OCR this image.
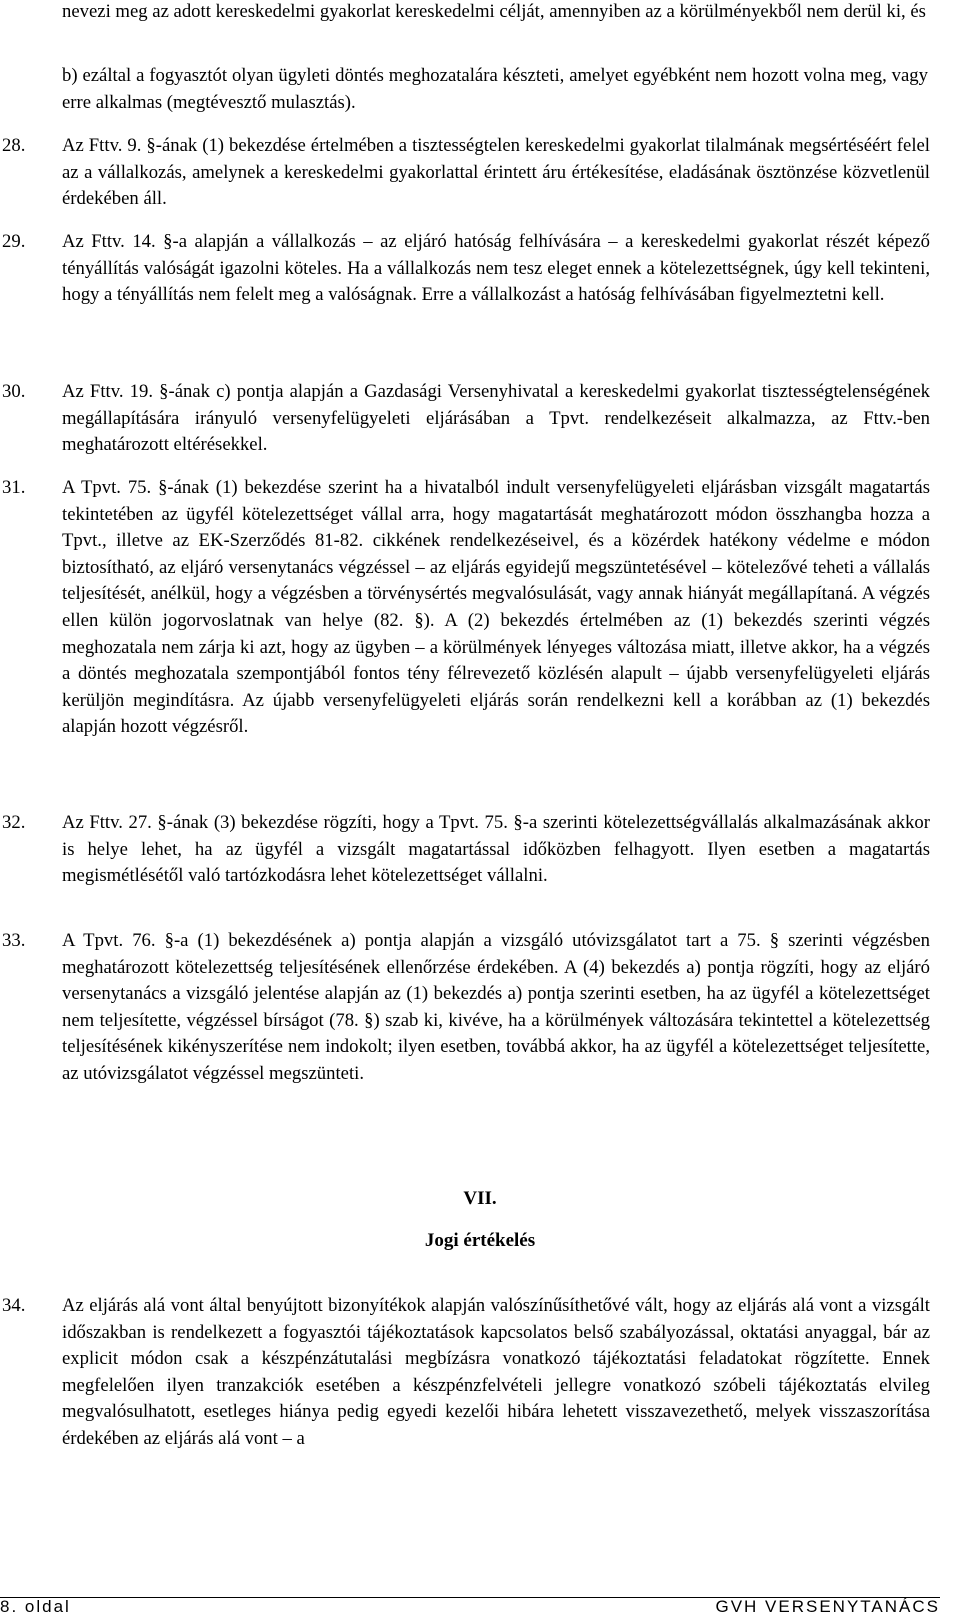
nevezi meg az adott kereskedelmi gyakorlat kereskedelmi célját, amennyiben az a körülményekből nem derül ki, és

b) ezáltal a fogyasztót olyan ügyleti döntés meghozatalára készteti, amelyet egyébként nem hozott volna meg, vagy erre alkalmas (megtévesztő mulasztás).

28.	Az Fttv. 9. §-ának (1) bekezdése értelmében a tisztességtelen kereskedelmi gyakorlat tilalmának megsértéséért felel az a vállalkozás, amelynek a kereskedelmi gyakorlattal érintett áru értékesítése, eladásának ösztönzése közvetlenül érdekében áll.
29.	Az Fttv. 14. §-a alapján a vállalkozás – az eljáró hatóság felhívására – a kereskedelmi gyakorlat részét képező tényállítás valóságát igazolni köteles. Ha a vállalkozás nem tesz eleget ennek a kötelezettségnek, úgy kell tekinteni, hogy a tényállítás nem felelt meg a valóságnak. Erre a vállalkozást a hatóság felhívásában figyelmeztetni kell.
30.	Az Fttv. 19. §-ának c) pontja alapján a Gazdasági Versenyhivatal a kereskedelmi gyakorlat tisztességtelenségének megállapítására irányuló versenyfelügyeleti eljárásában a Tpvt. rendelkezéseit alkalmazza, az Fttv.-ben meghatározott eltérésekkel.
31.	A Tpvt. 75. §-ának (1) bekezdése szerint ha a hivatalból indult versenyfelügyeleti eljárásban vizsgált magatartás tekintetében az ügyfél kötelezettséget vállal arra, hogy magatartását meghatározott módon összhangba hozza a Tpvt., illetve az EK-Szerződés 81-82. cikkének rendelkezéseivel, és a közérdek hatékony védelme e módon biztosítható, az eljáró versenytanács végzéssel – az eljárás egyidejű megszüntetésével – kötelezővé teheti a vállalás teljesítését, anélkül, hogy a végzésben a törvénysértés megvalósulását, vagy annak hiányát megállapítaná. A végzés ellen külön jogorvoslatnak van helye (82. §). A (2) bekezdés értelmében az (1) bekezdés szerinti végzés meghozatala nem zárja ki azt, hogy az ügyben – a körülmények lényeges változása miatt, illetve akkor, ha a végzés a döntés meghozatala szempontjából fontos tény félrevezető közlésén alapult – újabb versenyfelügyeleti eljárás kerüljön megindításra. Az újabb versenyfelügyeleti eljárás során rendelkezni kell a korábban az (1) bekezdés alapján hozott végzésről.
32.	Az Fttv. 27. §-ának (3) bekezdése rögzíti, hogy a Tpvt. 75. §-a szerinti kötelezettségvállalás alkalmazásának akkor is helye lehet, ha az ügyfél a vizsgált magatartással időközben felhagyott. Ilyen esetben a magatartás megismétlésétől való tartózkodásra lehet kötelezettséget vállalni.
33.	A Tpvt. 76. §-a (1) bekezdésének a) pontja alapján a vizsgáló utóvizsgálatot tart a 75. § szerinti végzésben meghatározott kötelezettség teljesítésének ellenőrzése érdekében. A (4) bekezdés a) pontja rögzíti, hogy az eljáró versenytanács a vizsgáló jelentése alapján az (1) bekezdés a) pontja szerinti esetben, ha az ügyfél a kötelezettséget nem teljesítette, végzéssel bírságot (78. §) szab ki, kivéve, ha a körülmények változására tekintettel a kötelezettség teljesítésének kikényszerítése nem indokolt; ilyen esetben, továbbá akkor, ha az ügyfél a kötelezettséget teljesítette, az utóvizsgálatot végzéssel megszünteti.
VII.
Jogi értékelés
34.	Az eljárás alá vont által benyújtott bizonyítékok alapján valószínűsíthetővé vált, hogy az eljárás alá vont a vizsgált időszakban is rendelkezett a fogyasztói tájékoztatások kapcsolatos belső szabályozással, oktatási anyaggal, bár az explicit módon csak a készpénzátutalási megbízásra vonatkozó tájékoztatási feladatokat rögzítette. Ennek megfelelően ilyen tranzakciók esetében a készpénzfelvételi jellegre vonatkozó szóbeli tájékoztatás elvileg megvalósulhatott, esetleges hiánya pedig egyedi kezelői hibára lehetett visszavezethető, melyek visszaszorítása érdekében az eljárás alá vont – a
8. oldal	GVH VERSENYTANÁCS
